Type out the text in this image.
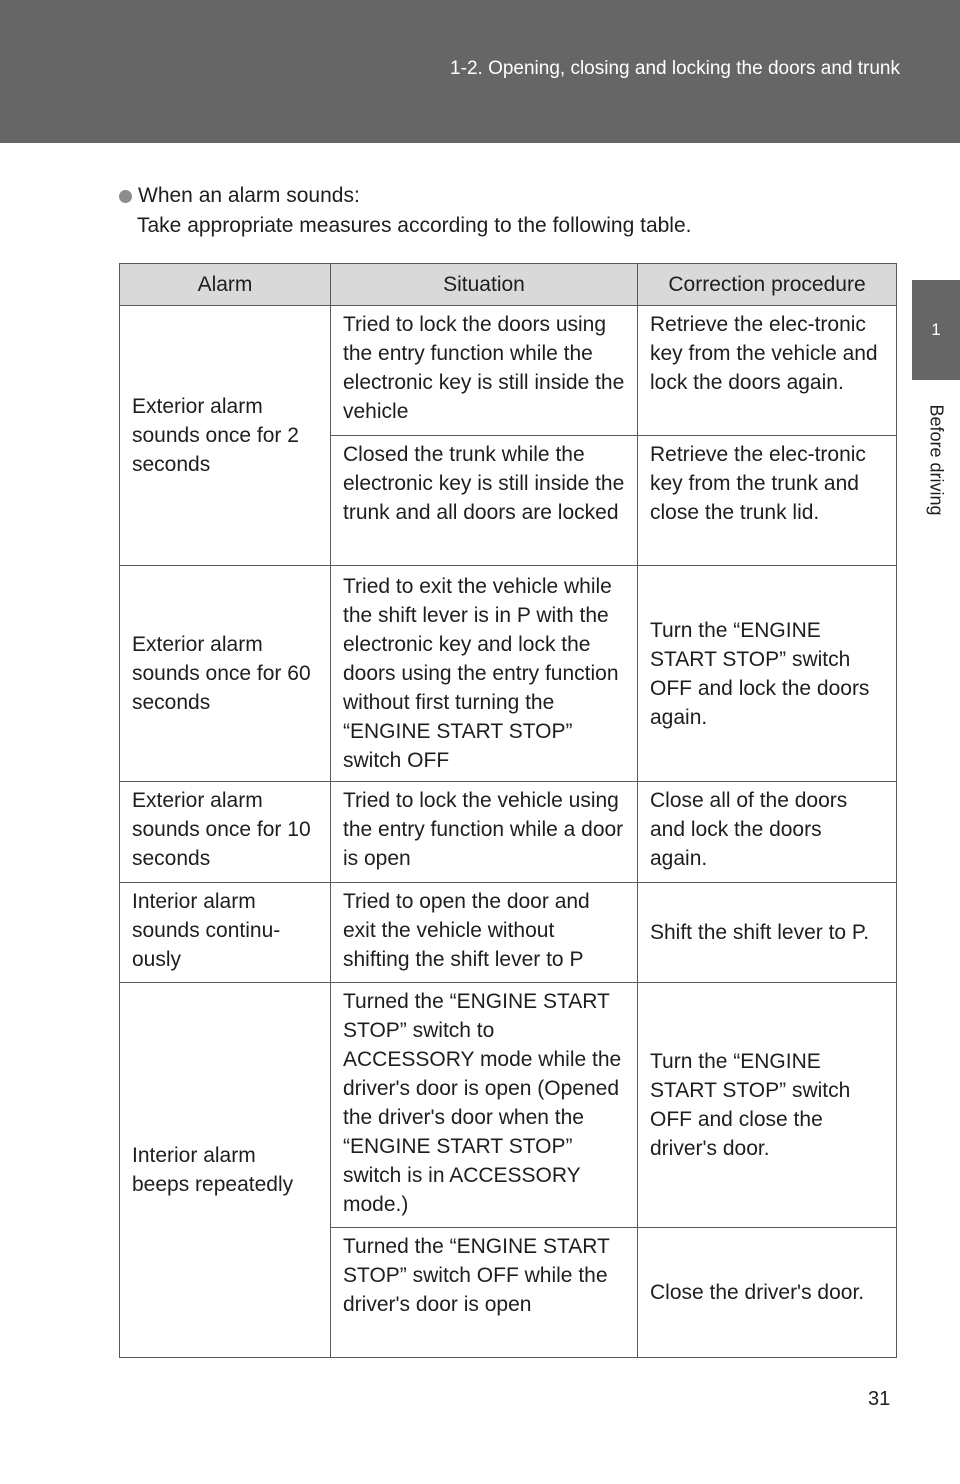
1-2. Opening, closing and locking the doors and trunk
1
Before driving
When an alarm sounds:
Take appropriate measures according to the following table.
Alarm	Situation	Correction procedure
Exterior alarm sounds once for 2 seconds	Tried to lock the doors using the entry function while the electronic key is still inside the vehicle	Retrieve the elec-tronic key from the vehicle and lock the doors again.
	Closed the trunk while the electronic key is still inside the trunk and all doors are locked	Retrieve the elec-tronic key from the trunk and close the trunk lid.
Exterior alarm sounds once for 60 seconds	Tried to exit the vehicle while the shift lever is in P with the electronic key and lock the doors using the entry function without first turning the “ENGINE START STOP” switch OFF	Turn the “ENGINE START STOP” switch OFF and lock the doors again.
Exterior alarm sounds once for 10 seconds	Tried to lock the vehicle using the entry function while a door is open	Close all of the doors and lock the doors again.
Interior alarm sounds continu-ously	Tried to open the door and exit the vehicle without shifting the shift lever to P	Shift the shift lever to P.
Interior alarm beeps repeatedly	Turned the “ENGINE START STOP” switch to ACCESSORY mode while the driver's door is open (Opened the driver's door when the “ENGINE START STOP” switch is in ACCESSORY mode.)	Turn the “ENGINE START STOP” switch OFF and close the driver's door.
	Turned the “ENGINE START STOP” switch OFF while the driver's door is open	Close the driver's door.
31
